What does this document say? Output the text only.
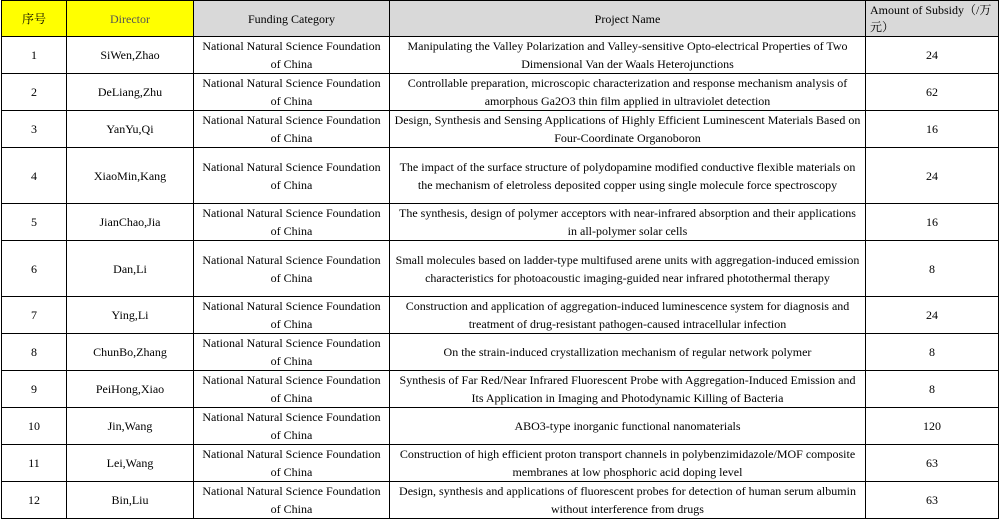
序号	Director	Funding Category	Project Name	Amount of Subsidy（/万元）
1	SiWen,Zhao	National Natural Science Foundation of China	Manipulating the Valley Polarization and Valley-sensitive Opto-electrical Properties of Two Dimensional Van der Waals Heterojunctions	24
2	DeLiang,Zhu	National Natural Science Foundation of China	Controllable preparation, microscopic characterization and response mechanism analysis of amorphous Ga2O3 thin film applied in ultraviolet detection	62
3	YanYu,Qi	National Natural Science Foundation of China	Design, Synthesis and Sensing Applications of Highly Efficient Luminescent Materials Based on Four-Coordinate Organoboron	16
4	XiaoMin,Kang	National Natural Science Foundation of China	The impact of the surface structure of polydopamine modified conductive flexible materials on the mechanism of eletroless deposited copper using single molecule force spectroscopy	24
5	JianChao,Jia	National Natural Science Foundation of China	The synthesis, design of polymer acceptors with near-infrared absorption and their applications in all-polymer solar cells	16
6	Dan,Li	National Natural Science Foundation of China	Small molecules based on ladder-type multifused arene units with aggregation-induced emission characteristics for photoacoustic imaging-guided near infrared photothermal therapy	8
7	Ying,Li	National Natural Science Foundation of China	Construction and application of aggregation-induced luminescence system for diagnosis and treatment of drug-resistant pathogen-caused intracellular infection	24
8	ChunBo,Zhang	National Natural Science Foundation of China	On the strain-induced crystallization mechanism of regular network polymer	8
9	PeiHong,Xiao	National Natural Science Foundation of China	Synthesis of Far Red/Near Infrared Fluorescent Probe with Aggregation-Induced Emission and Its Application in Imaging and Photodynamic Killing of Bacteria	8
10	Jin,Wang	National Natural Science Foundation of China	ABO3-type inorganic functional nanomaterials	120
11	Lei,Wang	National Natural Science Foundation of China	Construction of high efficient proton transport channels in polybenzimidazole/MOF composite membranes at low phosphoric acid doping level	63
12	Bin,Liu	National Natural Science Foundation of China	Design, synthesis and applications of fluorescent probes for detection of human serum albumin without interference from drugs	63
